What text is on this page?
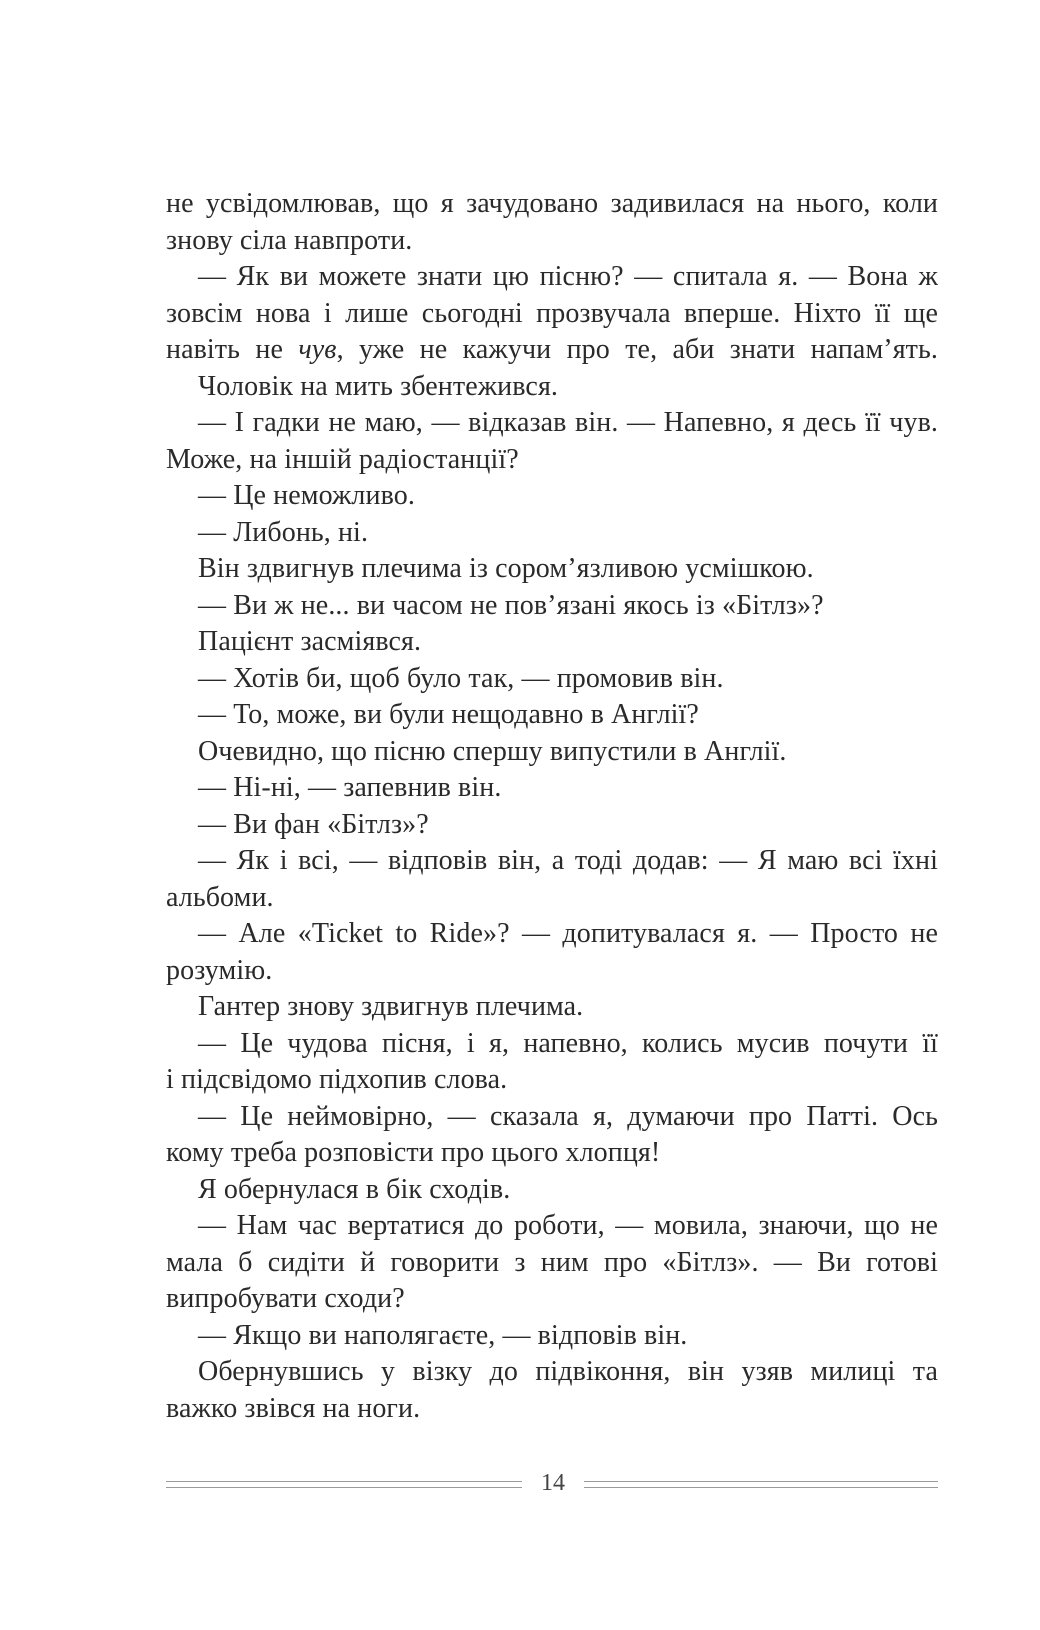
не усвідомлював, що я зачудовано задивилася на нього, коли
знову сіла навпроти.
— Як ви можете знати цю пісню? — спитала я. — Вона ж
зовсім нова і лише сьогодні прозвучала вперше. Ніхто її ще
навіть не чув, уже не кажучи про те, аби знати напам’ять.
Чоловік на мить збентежився.
— І гадки не маю, — відказав він. — Напевно, я десь її чув.
Може, на іншій радіостанції?
— Це неможливо.
— Либонь, ні.
Він здвигнув плечима із сором’язливою усмішкою.
— Ви ж не... ви часом не пов’язані якось із «Бітлз»?
Пацієнт засміявся.
— Хотів би, щоб було так, — промовив він.
— То, може, ви були нещодавно в Англії?
Очевидно, що пісню спершу випустили в Англії.
— Ні-ні, — запевнив він.
— Ви фан «Бітлз»?
— Як і всі, — відповів він, а тоді додав: — Я маю всі їхні
альбоми.
— Але «Ticket to Ride»? — допитувалася я. — Просто не
розумію.
Гантер знову здвигнув плечима.
— Це чудова пісня, і я, напевно, колись мусив почути її
і підсвідомо підхопив слова.
— Це неймовірно, — сказала я, думаючи про Патті. Ось
кому треба розповісти про цього хлопця!
Я обернулася в бік сходів.
— Нам час вертатися до роботи, — мовила, знаючи, що не
мала б сидіти й говорити з ним про «Бітлз». — Ви готові
випробувати сходи?
— Якщо ви наполягаєте, — відповів він.
Обернувшись у візку до підвіконня, він узяв милиці та
важко звівся на ноги.
14
